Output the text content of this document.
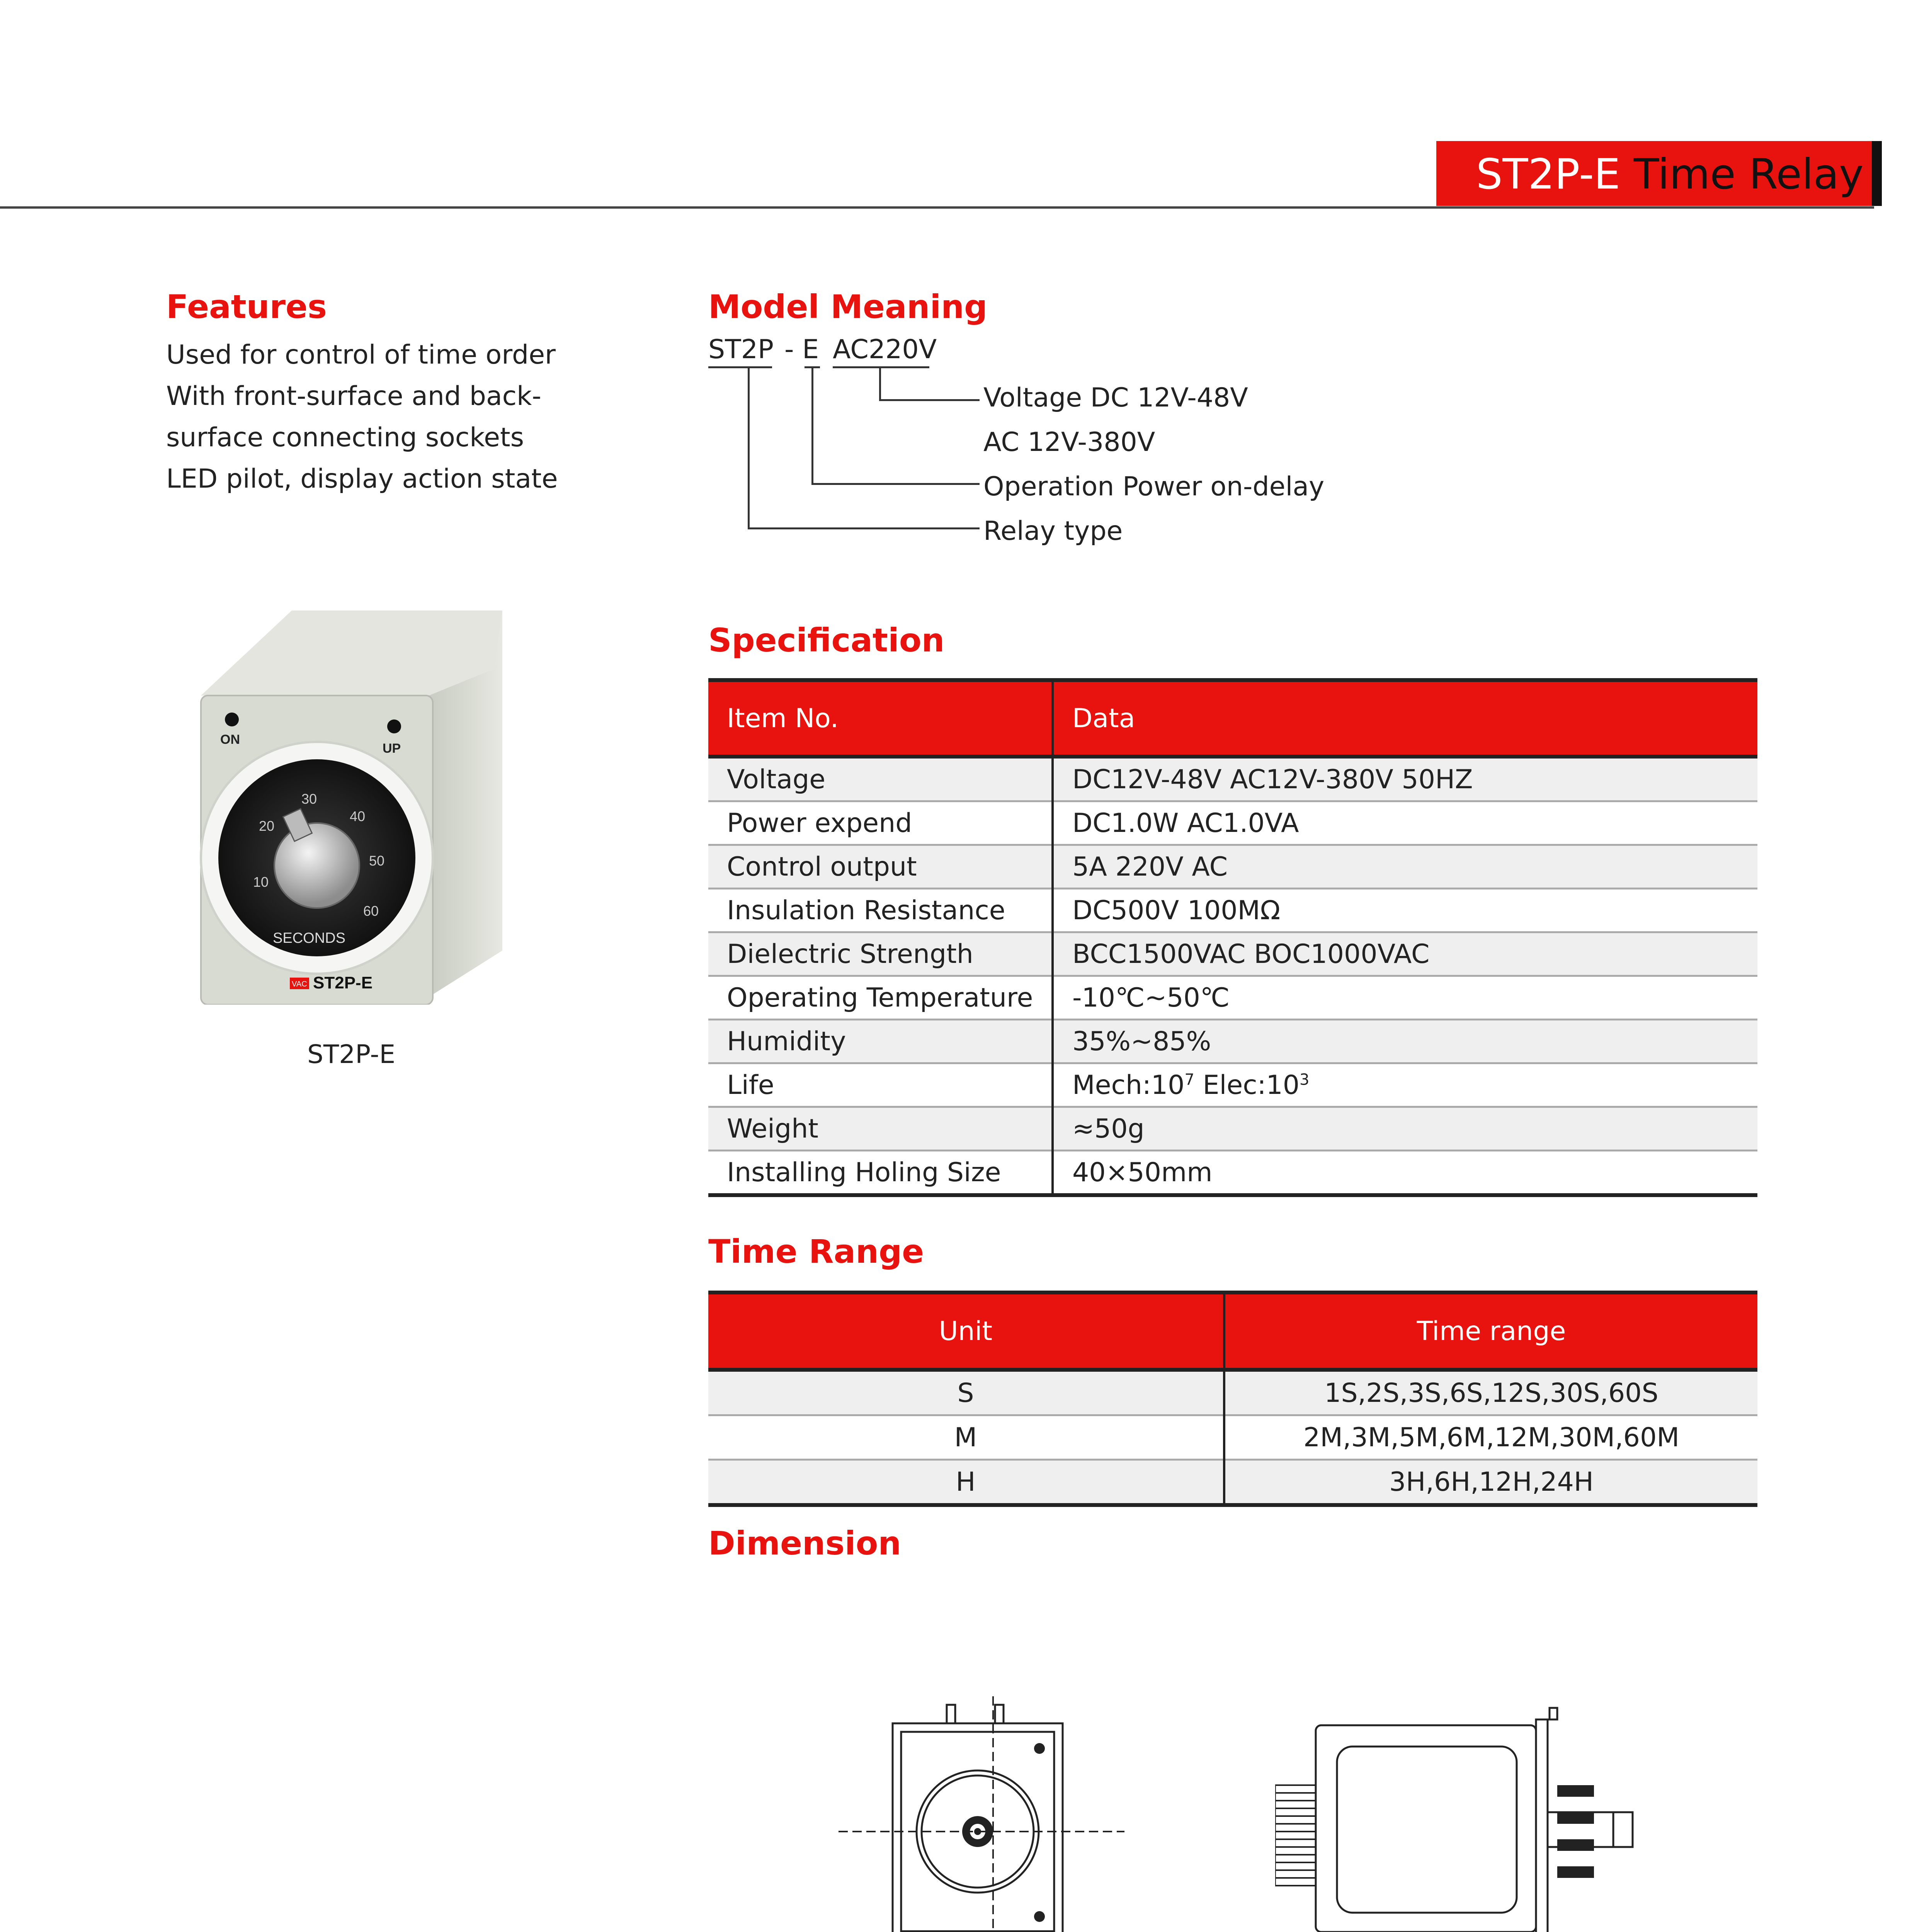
ST2P-E Time Relay
Features
Used for control of time order
With front-surface and back-
surface connecting sockets
LED pilot, display action state
Model Meaning
ST2P - E AC220V
Voltage DC 12V-48V
AC 12V-380V
Operation Power on-delay
Relay type
ON
UP
10
20
30
40
50
60
SECONDS
VAC ST2P-E
ST2P-E
Specification
Item No.	Data
Voltage	DC12V-48V AC12V-380V 50HZ
Power expend	DC1.0W AC1.0VA
Control output	5A 220V AC
Insulation Resistance	DC500V 100MΩ
Dielectric Strength	BCC1500VAC BOC1000VAC
Operating Temperature	-10℃~50℃
Humidity	35%~85%
Life	$Mech:10^7$ $Elec:10^3$
Weight	≈50g
Installing Holing Size	40×50mm
Time Range
Unit	Time range
S	1S,2S,3S,6S,12S,30S,60S
M	2M,3M,5M,6M,12M,30M,60M
H	3H,6H,12H,24H
Dimension
